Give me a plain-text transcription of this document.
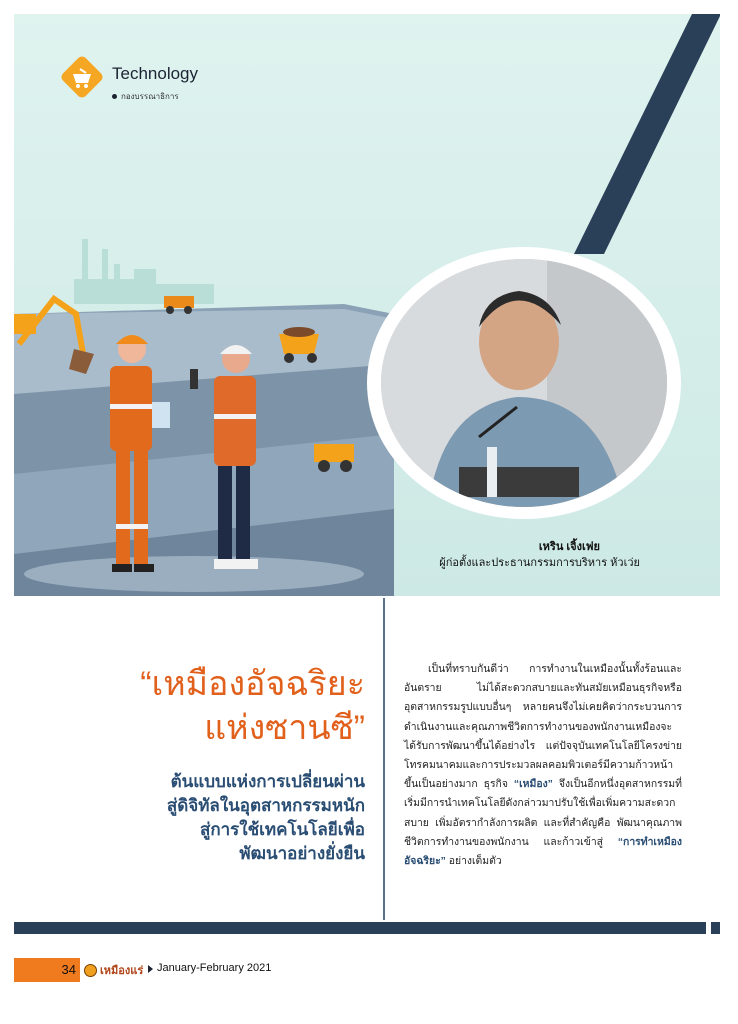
Technology
กองบรรณาธิการ
เหริน เจิ้งเฟย
ผู้ก่อตั้งและประธานกรรมการบริหาร หัวเว่ย
“เหมืองอัจฉริยะ
แห่งซานซี”
ต้นแบบแห่งการเปลี่ยนผ่าน
สู่ดิจิทัลในอุตสาหกรรมหนัก
สู่การใช้เทคโนโลยีเพื่อ
พัฒนาอย่างยั่งยืน

เป็นที่ทราบกันดีว่า การทำงานในเหมืองนั้นทั้งร้อนและอันตราย ไม่ได้สะดวกสบายและทันสมัยเหมือนธุรกิจหรืออุตสาหกรรมรูปแบบอื่นๆ หลายคนจึงไม่เคยคิดว่ากระบวนการดำเนินงานและคุณภาพชีวิตการทำงานของพนักงานเหมืองจะได้รับการพัฒนาขึ้นได้อย่างไร แต่ปัจจุบันเทคโนโลยีโครงข่ายโทรคมนาคมและการประมวลผลคอมพิวเตอร์มีความก้าวหน้าขึ้นเป็นอย่างมาก ธุรกิจ “เหมือง” จึงเป็นอีกหนึ่งอุตสาหกรรมที่เริ่มมีการนำเทคโนโลยีดังกล่าวมาปรับใช้เพื่อเพิ่มความสะดวกสบาย เพิ่มอัตรากำลังการผลิต และที่สำคัญคือ พัฒนาคุณภาพชีวิตการทำงานของพนักงาน และก้าวเข้าสู่ “การทำเหมืองอัจฉริยะ” อย่างเต็มตัว

34	เหมืองแร่ January-February 2021
